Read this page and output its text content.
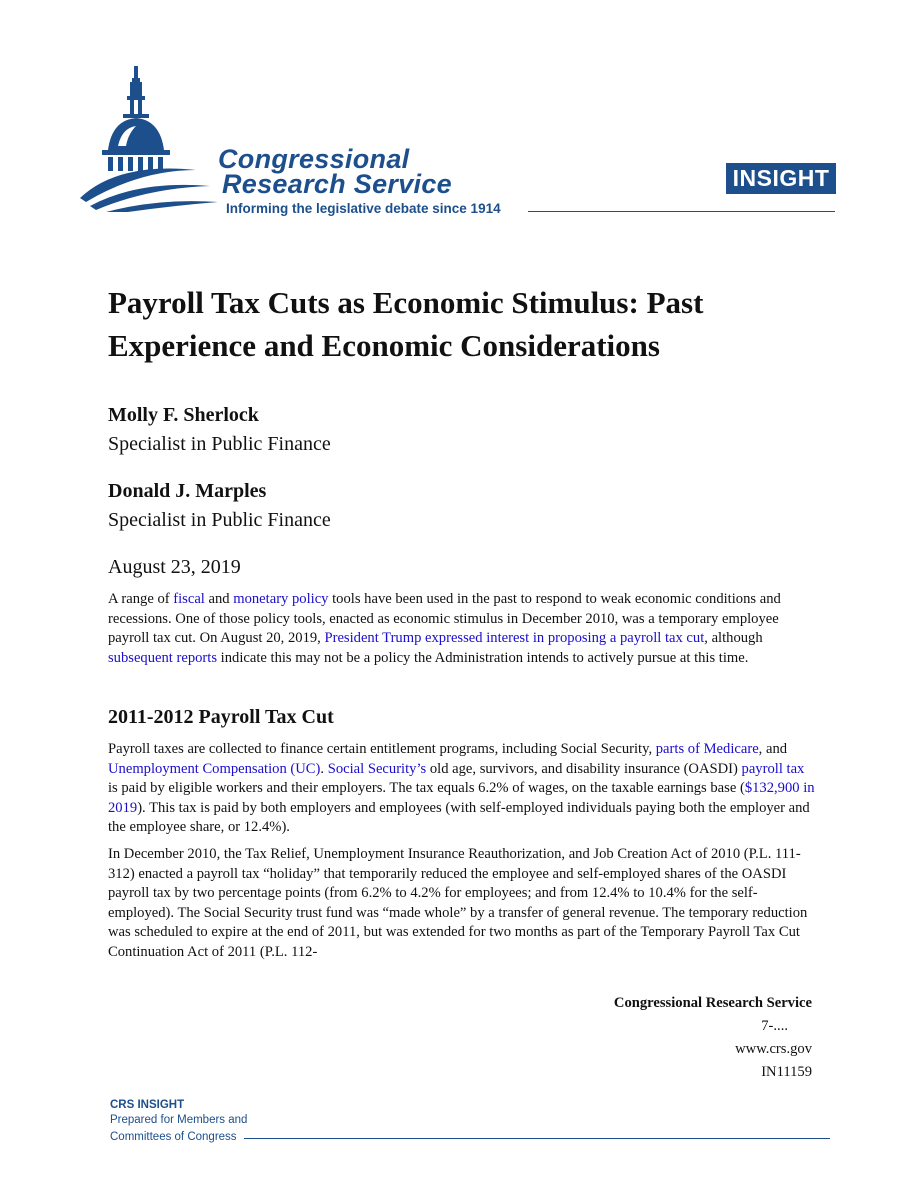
Congressional
Research Service
Informing the legislative debate since 1914
INSIGHT
Payroll Tax Cuts as Economic Stimulus: Past Experience and Economic Considerations

Molly F. Sherlock

Specialist in Public Finance

Donald J. Marples

Specialist in Public Finance

August 23, 2019

A range of fiscal and monetary policy tools have been used in the past to respond to weak economic conditions and recessions. One of those policy tools, enacted as economic stimulus in December 2010, was a temporary employee payroll tax cut. On August 20, 2019, President Trump expressed interest in proposing a payroll tax cut, although subsequent reports indicate this may not be a policy the Administration intends to actively pursue at this time.

2011-2012 Payroll Tax Cut

Payroll taxes are collected to finance certain entitlement programs, including Social Security, parts of Medicare, and Unemployment Compensation (UC). Social Security’s old age, survivors, and disability insurance (OASDI) payroll tax is paid by eligible workers and their employers. The tax equals 6.2% of wages, on the taxable earnings base ($132,900 in 2019). This tax is paid by both employers and employees (with self-employed individuals paying both the employer and the employee share, or 12.4%).

In December 2010, the Tax Relief, Unemployment Insurance Reauthorization, and Job Creation Act of 2010 (P.L. 111-312) enacted a payroll tax “holiday” that temporarily reduced the employee and self-employed shares of the OASDI payroll tax by two percentage points (from 6.2% to 4.2% for employees; and from 12.4% to 10.4% for the self-employed). The Social Security trust fund was “made whole” by a transfer of general revenue. The temporary reduction was scheduled to expire at the end of 2011, but was extended for two months as part of the Temporary Payroll Tax Cut Continuation Act of 2011 (P.L. 112-

Congressional Research Service
7-....
www.crs.gov
IN11159
CRS INSIGHT
Prepared for Members and
Committees of Congress
